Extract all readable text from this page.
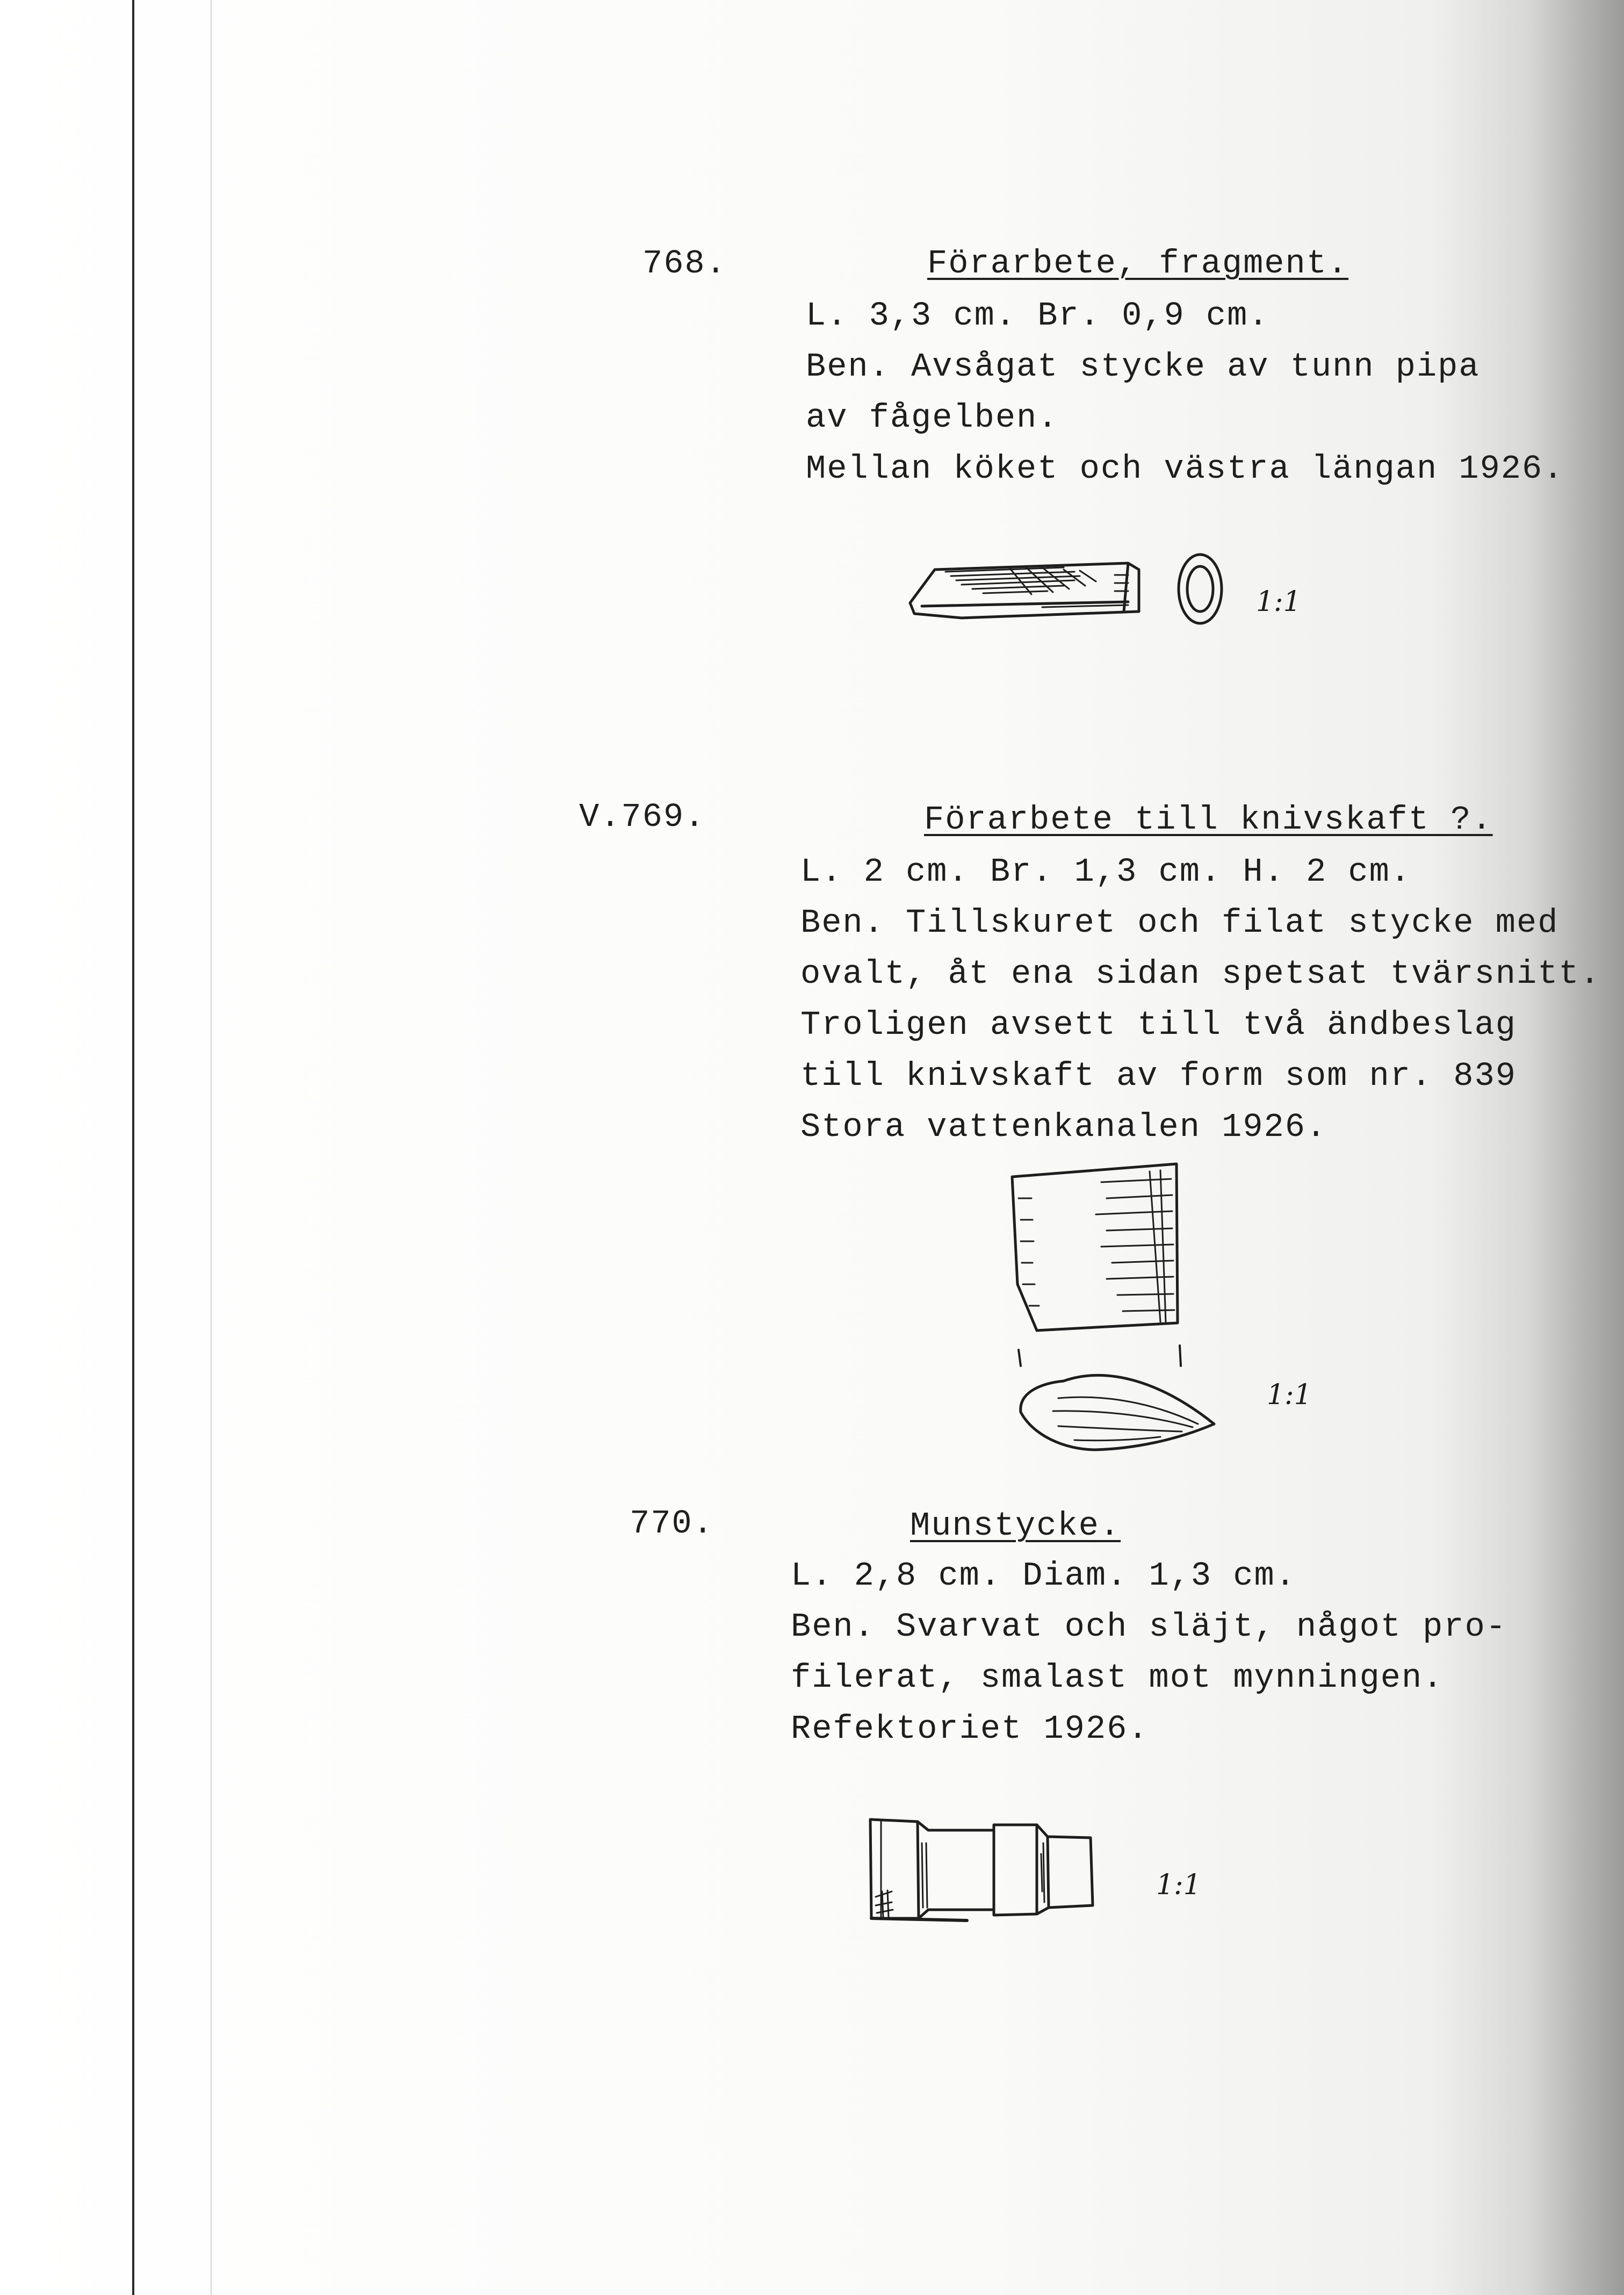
768.	Förarbete, fragment.
L. 3,3 cm. Br. 0,9 cm.
Ben. Avsågat stycke av tunn pipa
av fågelben.
Mellan köket och västra längan 1926.
1:1
V.769.	Förarbete till knivskaft ?.
L. 2 cm. Br. 1,3 cm. H. 2 cm.
Ben. Tillskuret och filat stycke med
ovalt, åt ena sidan spetsat tvärsnitt.
Troligen avsett till två ändbeslag
till knivskaft av form som nr. 839
Stora vattenkanalen 1926.
1:1
770.	Munstycke.
L. 2,8 cm. Diam. 1,3 cm.
Ben. Svarvat och släjt, något pro-
filerat, smalast mot mynningen.
Refektoriet 1926.
1:1
